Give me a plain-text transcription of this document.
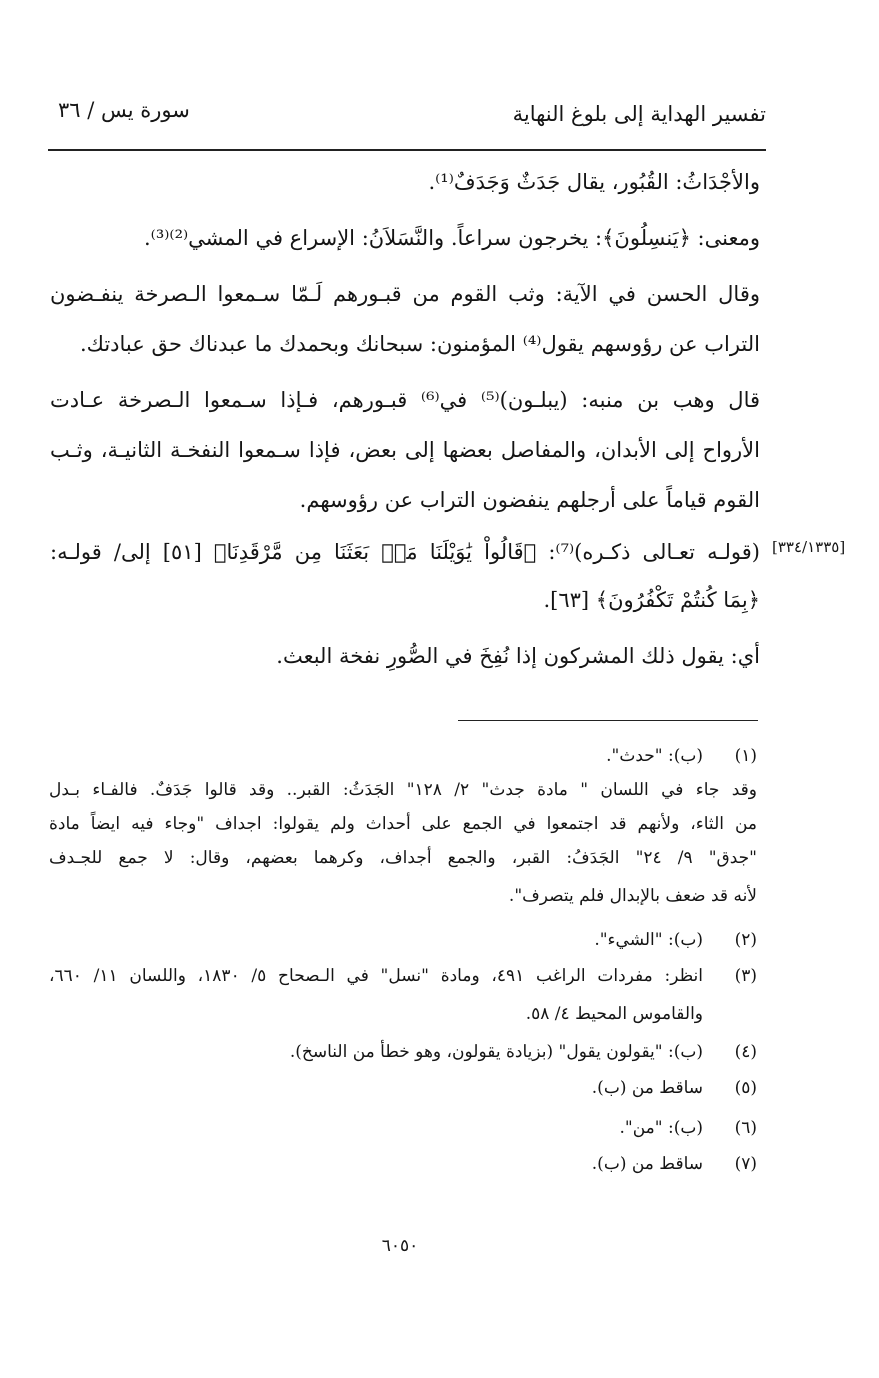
تفسير الهداية إلى بلوغ النهاية
سورة يس / ٣٦
والأجْدَاثُ: القُبُور، يقال جَدَثٌ وَجَدَفٌ⁽¹⁾.
ومعنى: ﴿يَنسِلُونَ﴾: يخرجون سراعاً. والنَّسَلاَنُ: الإسراع في المشي⁽²⁾⁽³⁾.
وقال الحسن في الآية: وثب القوم من قبـورهم لَـمّا سـمعوا الـصرخة ينفـضون
التراب عن رؤوسهم يقول⁽⁴⁾ المؤمنون: سبحانك وبحمدك ما عبدناك حق عبادتك.
قال وهب بن منبه: (يبلـون)⁽⁵⁾ في⁽⁶⁾ قبـورهم، فـإذا سـمعوا الـصرخة عـادت
الأرواح إلى الأبدان، والمفاصل بعضها إلى بعض، فإذا سـمعوا النفخـة الثانيـة، وثـب
القوم قياماً على أرجلهم ينفضون التراب عن رؤوسهم.
(قولـه تعـالى ذكـره)⁽⁷⁾: ﴿قَالُواْ يَٰوَيْلَنَا مَنۢ بَعَثَنَا مِن مَّرْقَدِنَا﴾ [٥١] إلى/ قولـه:
﴿بِمَا كُنتُمْ تَكْفُرُونَ﴾ [٦٣].
أي: يقول ذلك المشركون إذا نُفِخَ في الصُّورِ نفخة البعث.
[٣٣٤/١٣٣٥]
(١)
(ب): "حدث".
وقد جاء في اللسان " مادة جدث" ٢/ ١٢٨" الجَدَثُ: القبر.. وقد قالوا جَدَفٌ. فالفـاء بـدل
من الثاء، ولأنهم قد اجتمعوا في الجمع على أحداث ولم يقولوا: اجداف "وجاء فيه ايضاً مادة
"جدق" ٩/ ٢٤" الجَدَفُ: القبر، والجمع أجداف، وكرهما بعضهم، وقال: لا جمع للجـدف
لأنه قد ضعف بالإبدال فلم يتصرف".
(٢)
(ب): "الشيء".
(٣)
انظر: مفردات الراغب ٤٩١، ومادة "نسل" في الـصحاح ٥/ ١٨٣٠، واللسان ١١/ ٦٦٠،
والقاموس المحيط ٤/ ٥٨.
(٤)
(ب): "يقولون يقول" (بزيادة يقولون، وهو خطأ من الناسخ).
(٥)
ساقط من (ب).
(٦)
(ب): "من".
(٧)
ساقط من (ب).
٦٠٥٠
